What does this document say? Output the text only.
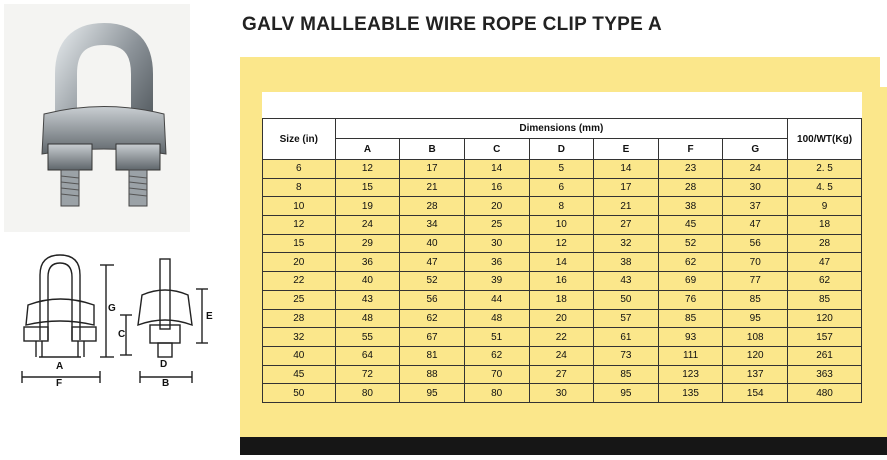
G
E
C
A
F
D
B
GALV MALLEABLE WIRE ROPE CLIP TYPE A
Size (in)	Dimensions (mm)							100/WT(Kg)
	A	B	C	D	E	F	G	
6	12	17	14	5	14	23	24	2. 5
8	15	21	16	6	17	28	30	4. 5
10	19	28	20	8	21	38	37	9
12	24	34	25	10	27	45	47	18
15	29	40	30	12	32	52	56	28
20	36	47	36	14	38	62	70	47
22	40	52	39	16	43	69	77	62
25	43	56	44	18	50	76	85	85
28	48	62	48	20	57	85	95	120
32	55	67	51	22	61	93	108	157
40	64	81	62	24	73	111	120	261
45	72	88	70	27	85	123	137	363
50	80	95	80	30	95	135	154	480
